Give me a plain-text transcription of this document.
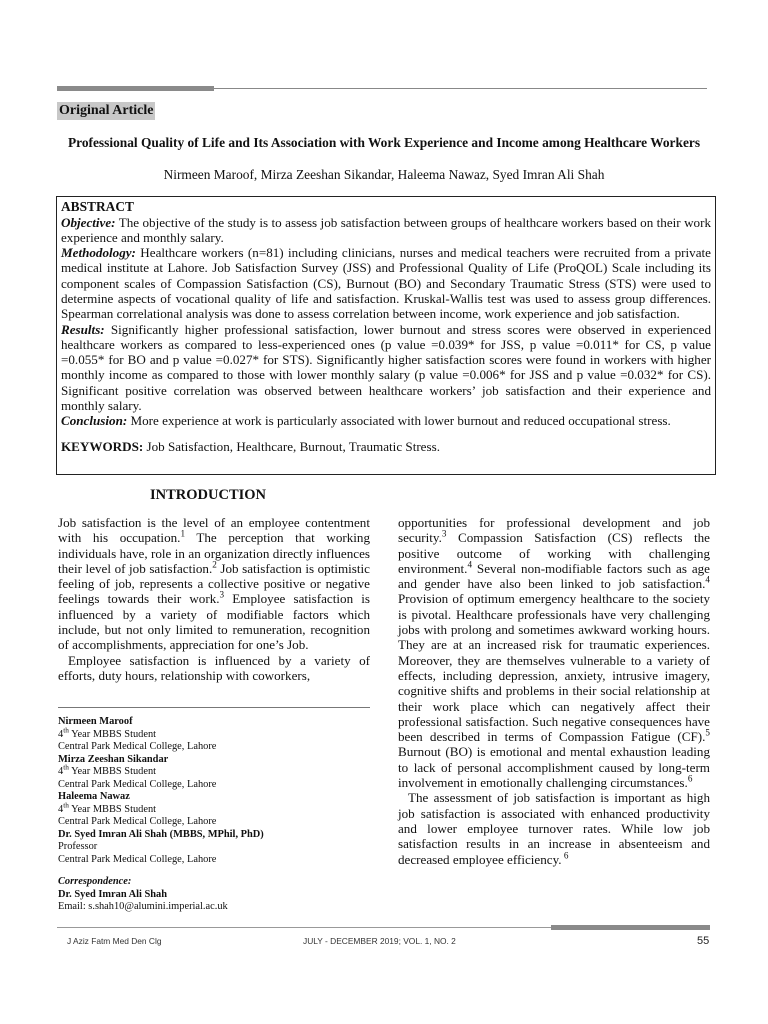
Original Article
Professional Quality of Life and Its Association with Work Experience and Income among Healthcare Workers
Nirmeen Maroof, Mirza Zeeshan Sikandar, Haleema Nawaz, Syed Imran Ali Shah
ABSTRACT

Objective: The objective of the study is to assess job satisfaction between groups of healthcare workers based on their work experience and monthly salary.

Methodology: Healthcare workers (n=81) including clinicians, nurses and medical teachers were recruited from a private medical institute at Lahore. Job Satisfaction Survey (JSS) and Professional Quality of Life (ProQOL) Scale including its component scales of Compassion Satisfaction (CS), Burnout (BO) and Secondary Traumatic Stress (STS) were used to determine aspects of vocational quality of life and satisfaction. Kruskal-Wallis test was used to assess group differences. Spearman correlational analysis was done to assess correlation between income, work experience and job satisfaction.

Results: Significantly higher professional satisfaction, lower burnout and stress scores were observed in experienced healthcare workers as compared to less-experienced ones (p value =0.039* for JSS, p value =0.011* for CS, p value =0.055* for BO and p value =0.027* for STS). Significantly higher satisfaction scores were found in workers with higher monthly income as compared to those with lower monthly salary (p value =0.006* for JSS and p value =0.032* for CS). Significant positive correlation was observed between healthcare workers’ job satisfaction and their experience and monthly salary.

Conclusion: More experience at work is particularly associated with lower burnout and reduced occupational stress.

KEYWORDS: Job Satisfaction, Healthcare, Burnout, Traumatic Stress.

INTRODUCTION

Job satisfaction is the level of an employee contentment with his occupation.$^1$ The perception that working individuals have, role in an organization directly influences their level of job satisfaction.$^2$ Job satisfaction is optimistic feeling of job, represents a collective positive or negative feelings towards their work.$^3$ Employee satisfaction is influenced by a variety of modifiable factors which include, but not only limited to remuneration, recognition of accomplishments, appreciation for one’s Job.

Employee satisfaction is influenced by a variety of efforts, duty hours, relationship with coworkers,

Nirmeen Maroof
4th Year MBBS Student
Central Park Medical College, Lahore
Mirza Zeeshan Sikandar
4th Year MBBS Student
Central Park Medical College, Lahore
Haleema Nawaz
4th Year MBBS Student
Central Park Medical College, Lahore
Dr. Syed Imran Ali Shah (MBBS, MPhil, PhD)
Professor
Central Park Medical College, Lahore
Correspondence:
Dr. Syed Imran Ali Shah
Email: s.shah10@alumini.imperial.ac.uk

opportunities for professional development and job security.$^3$ Compassion Satisfaction (CS) reflects the positive outcome of working with challenging environment.$^4$ Several non-modifiable factors such as age and gender have also been linked to job satisfaction.$^4$ Provision of optimum emergency healthcare to the society is pivotal. Healthcare professionals have very challenging jobs with prolong and sometimes awkward working hours. They are at an increased risk for traumatic experiences. Moreover, they are themselves vulnerable to a variety of effects, including depression, anxiety, intrusive imagery, cognitive shifts and problems in their social relationship at their work place which can negatively affect their professional satisfaction. Such negative consequences have been described in terms of Compassion Fatigue (CF).$^5$ Burnout (BO) is emotional and mental exhaustion leading to lack of personal accomplishment caused by long-term involvement in emotionally challenging circumstances.$^6$

The assessment of job satisfaction is important as high job satisfaction is associated with enhanced productivity and lower employee turnover rates. While low job satisfaction results in an increase in absenteeism and decreased employee efficiency. $^6$

J Aziz Fatm Med Den Clg	JULY - DECEMBER 2019; VOL. 1, NO. 2	55
